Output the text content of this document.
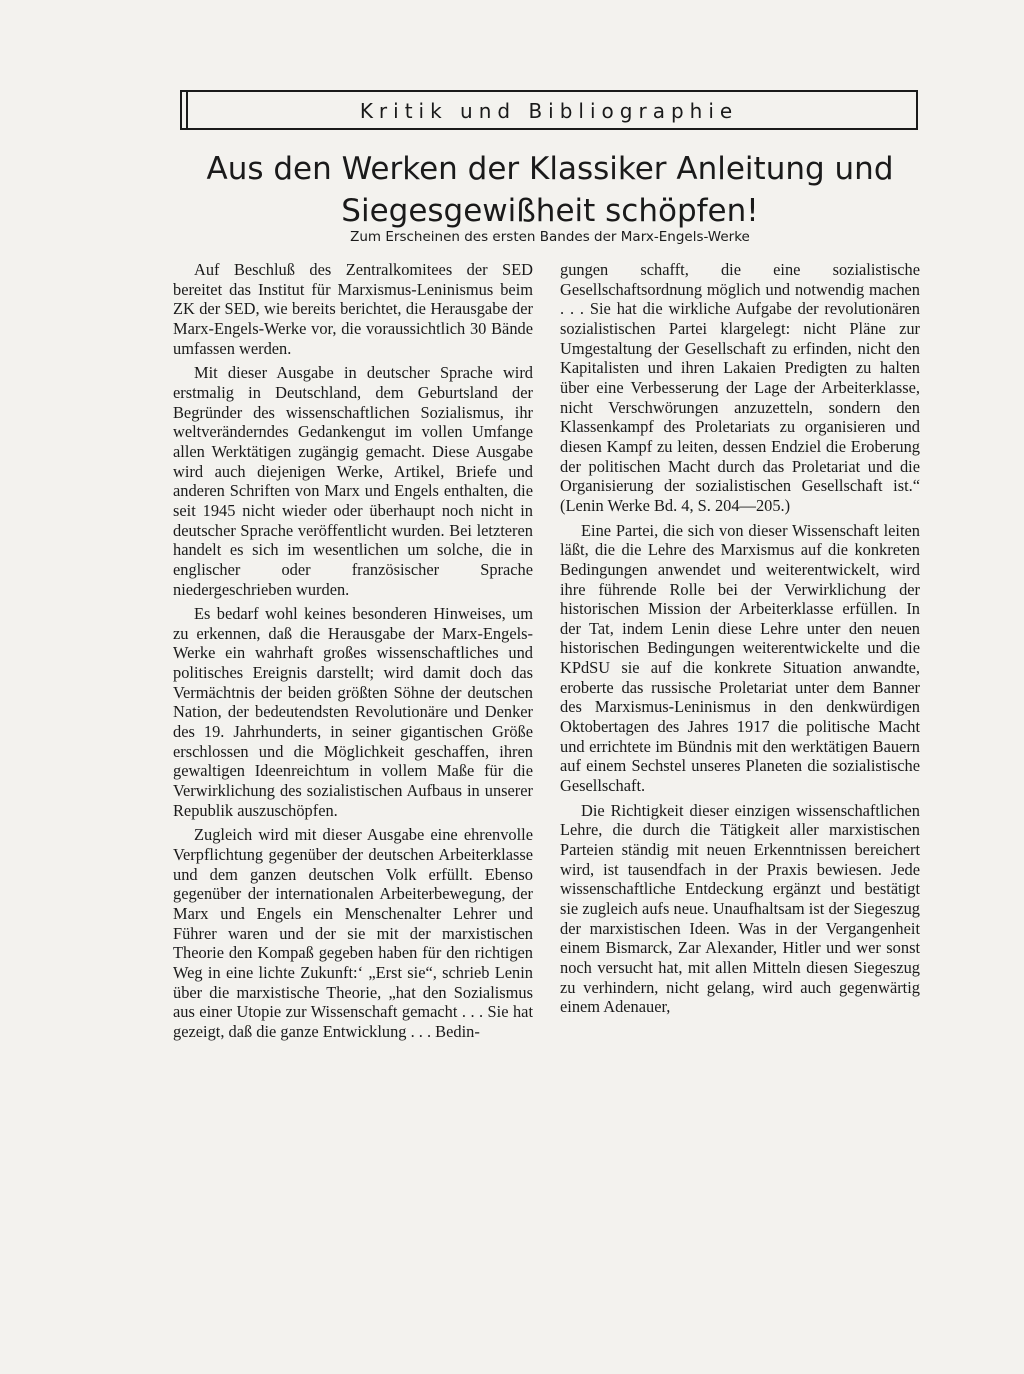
Kritik und Bibliographie
Aus den Werken der Klassiker Anleitung und Siegesgewißheit schöpfen!

Zum Erscheinen des ersten Bandes der Marx-Engels-Werke

Auf Beschluß des Zentralkomitees der SED bereitet das Institut für Marxismus-Leninismus beim ZK der SED, wie bereits berichtet, die Herausgabe der Marx-Engels-Werke vor, die voraussichtlich 30 Bände umfassen werden.

Mit dieser Ausgabe in deutscher Sprache wird erstmalig in Deutschland, dem Geburtsland der Begründer des wissenschaftlichen Sozialismus, ihr weltveränderndes Gedankengut im vollen Umfange allen Werktätigen zugängig gemacht. Diese Ausgabe wird auch diejenigen Werke, Artikel, Briefe und anderen Schriften von Marx und Engels enthalten, die seit 1945 nicht wieder oder überhaupt noch nicht in deutscher Sprache veröffentlicht wurden. Bei letzteren handelt es sich im wesentlichen um solche, die in englischer oder französischer Sprache niedergeschrieben wurden.

Es bedarf wohl keines besonderen Hinweises, um zu erkennen, daß die Herausgabe der Marx-Engels-Werke ein wahrhaft großes wissenschaftliches und politisches Ereignis darstellt; wird damit doch das Vermächtnis der beiden größten Söhne der deutschen Nation, der bedeutendsten Revolutionäre und Denker des 19. Jahrhunderts, in seiner gigantischen Größe erschlossen und die Möglichkeit geschaffen, ihren gewaltigen Ideenreichtum in vollem Maße für die Verwirklichung des sozialistischen Aufbaus in unserer Republik auszuschöpfen.

Zugleich wird mit dieser Ausgabe eine ehrenvolle Verpflichtung gegenüber der deutschen Arbeiterklasse und dem ganzen deutschen Volk erfüllt. Ebenso gegenüber der internationalen Arbeiterbewegung, der Marx und Engels ein Menschenalter Lehrer und Führer waren und der sie mit der marxistischen Theorie den Kompaß gegeben haben für den richtigen Weg in eine lichte Zukunft:‘ „Erst sie“, schrieb Lenin über die marxistische Theorie, „hat den Sozialismus aus einer Utopie zur Wissenschaft gemacht . . . Sie hat gezeigt, daß die ganze Entwicklung . . . Bedin-

gungen schafft, die eine sozialistische Gesellschaftsordnung möglich und notwendig machen . . . Sie hat die wirkliche Aufgabe der revolutionären sozialistischen Partei klargelegt: nicht Pläne zur Umgestaltung der Gesellschaft zu erfinden, nicht den Kapitalisten und ihren Lakaien Predigten zu halten über eine Verbesserung der Lage der Arbeiterklasse, nicht Verschwörungen anzuzetteln, sondern den Klassenkampf des Proletariats zu organisieren und diesen Kampf zu leiten, dessen Endziel die Eroberung der politischen Macht durch das Proletariat und die Organisierung der sozialistischen Gesellschaft ist.“ (Lenin Werke Bd. 4, S. 204—205.)

Eine Partei, die sich von dieser Wissenschaft leiten läßt, die die Lehre des Marxismus auf die konkreten Bedingungen anwendet und weiterentwickelt, wird ihre führende Rolle bei der Verwirklichung der historischen Mission der Arbeiterklasse erfüllen. In der Tat, indem Lenin diese Lehre unter den neuen historischen Bedingungen weiterentwickelte und die KPdSU sie auf die konkrete Situation anwandte, eroberte das russische Proletariat unter dem Banner des Marxismus-Leninismus in den denkwürdigen Oktobertagen des Jahres 1917 die politische Macht und errichtete im Bündnis mit den werktätigen Bauern auf einem Sechstel unseres Planeten die sozialistische Gesellschaft.

Die Richtigkeit dieser einzigen wissenschaftlichen Lehre, die durch die Tätigkeit aller marxistischen Parteien ständig mit neuen Erkenntnissen bereichert wird, ist tausendfach in der Praxis bewiesen. Jede wissenschaftliche Entdeckung ergänzt und bestätigt sie zugleich aufs neue. Unaufhaltsam ist der Siegeszug der marxistischen Ideen. Was in der Vergangenheit einem Bismarck, Zar Alexander, Hitler und wer sonst noch versucht hat, mit allen Mitteln diesen Siegeszug zu verhindern, nicht gelang, wird auch gegenwärtig einem Adenauer,
